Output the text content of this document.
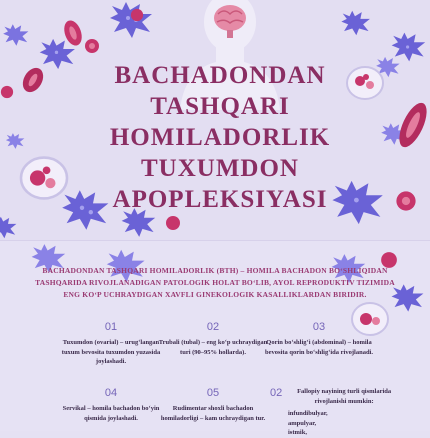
BACHADONDAN
TASHQARI
HOMILADORLIK
TUXUMDON
APOPLEKSIYASI
BACHADONDAN TASHQARI HOMILADORLIK (BTH) – HOMILA BACHADON BO‘SHLIQIDAN
TASHQARIDA RIVOJLANADIGAN PATOLOGIK HOLAT BO‘LIB, AYOL REPRODUKTIV TIZIMIDA
ENG KO‘P UCHRAYDIGAN XAVFLI GINEKOLOGIK KASALLIKLARDAN BIRIDIR.
01
Tuxumdon (ovarial) – urug‘langan tuxum bevosita tuxumdon yuzasida joylashadi.
02
Trubali (tubal) – eng ko‘p uchraydigan turi (90–95% hollarda).
03
Qorin bo‘shlig‘i (abdominal) – homila bevosita qorin bo‘shlig‘ida rivojlanadi.
04
Servikal – homila bachadon bo‘yin qismida joylashadi.
05
Rudimentar shoxli bachadon homiladorligi – kam uchraydigan tur.
02	Fallopiy nayining turli qismlarida rivojlanishi mumkin:
infundibulyar,
ampulyar,
istmik,
